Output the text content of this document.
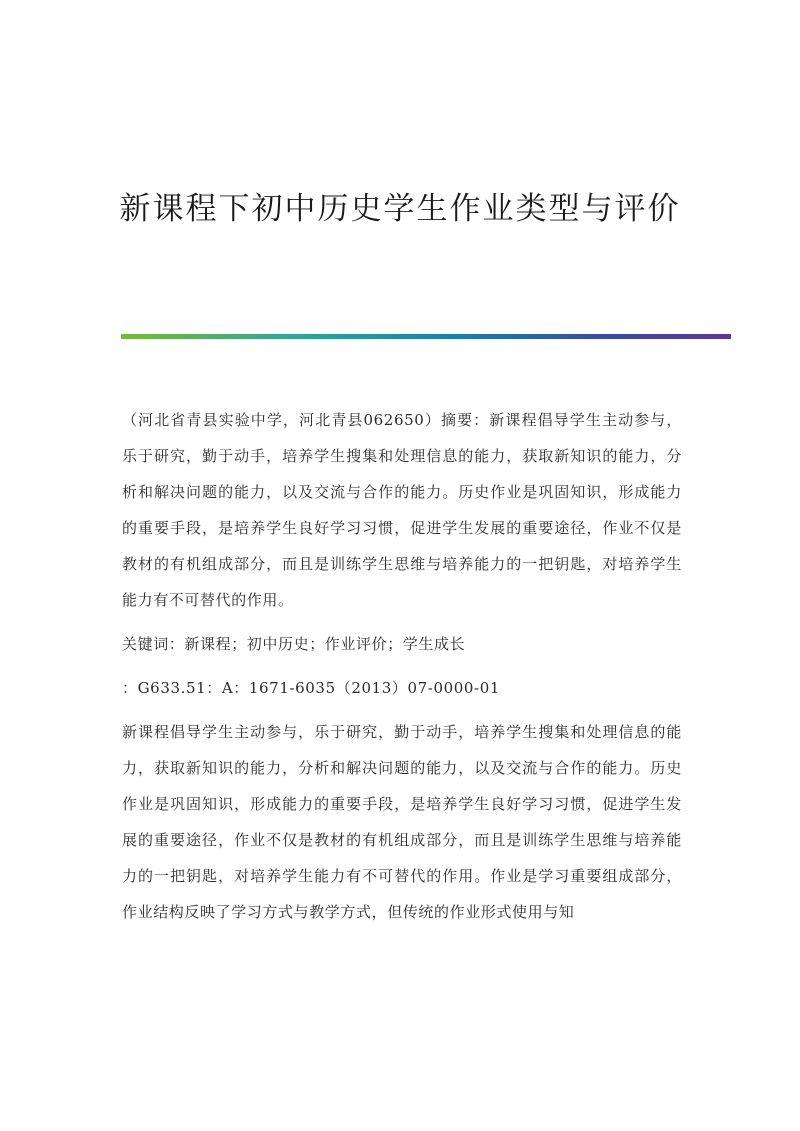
新课程下初中历史学生作业类型与评价

（河北省青县实验中学，河北青县062650）摘要：新课程倡导学生主动参与，乐于研究，勤于动手，培养学生搜集和处理信息的能力，获取新知识的能力，分析和解决问题的能力，以及交流与合作的能力。历史作业是巩固知识，形成能力的重要手段，是培养学生良好学习习惯，促进学生发展的重要途径，作业不仅是教材的有机组成部分，而且是训练学生思维与培养能力的一把钥匙，对培养学生能力有不可替代的作用。

关键词：新课程；初中历史；作业评价；学生成长

：G633.51：A：1671-6035（2013）07-0000-01

新课程倡导学生主动参与，乐于研究，勤于动手，培养学生搜集和处理信息的能力，获取新知识的能力，分析和解决问题的能力，以及交流与合作的能力。历史作业是巩固知识，形成能力的重要手段，是培养学生良好学习习惯，促进学生发展的重要途径，作业不仅是教材的有机组成部分，而且是训练学生思维与培养能力的一把钥匙，对培养学生能力有不可替代的作用。作业是学习重要组成部分，作业结构反映了学习方式与教学方式，但传统的作业形式使用与知
